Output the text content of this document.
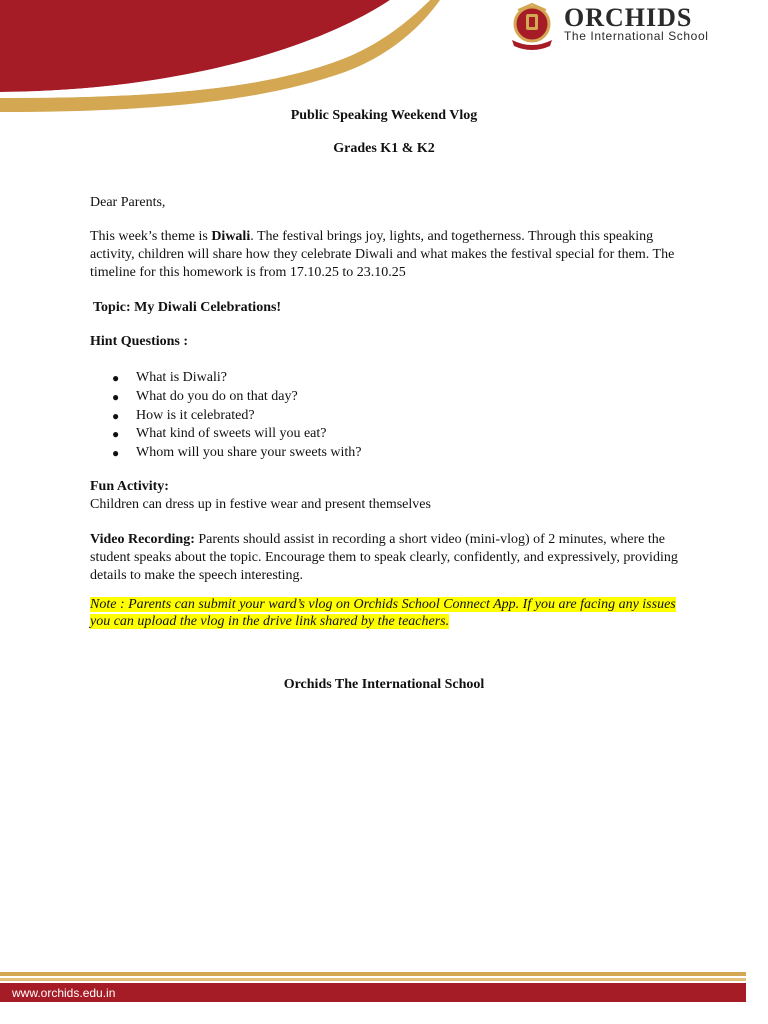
ORCHIDS
The International School
Public Speaking Weekend Vlog
Grades K1 & K2
Dear Parents,
This week’s theme is Diwali. The festival brings joy, lights, and togetherness. Through this speaking
activity, children will share how they celebrate Diwali and what makes the festival special for them. The
timeline for this homework is from 17.10.25 to 23.10.25
Topic: My Diwali Celebrations!
Hint Questions :
● What is Diwali?
● What do you do on that day?
● How is it celebrated?
● What kind of sweets will you eat?
● Whom will you share your sweets with?
Fun Activity:
Children can dress up in festive wear and present themselves
Video Recording: Parents should assist in recording a short video (mini-vlog) of 2 minutes, where the
student speaks about the topic. Encourage them to speak clearly, confidently, and expressively, providing
details to make the speech interesting.
Note : Parents can submit your ward’s vlog on Orchids School Connect App. If you are facing any issues
you can upload the vlog in the drive link shared by the teachers.
Orchids The International School
www.orchids.edu.in
